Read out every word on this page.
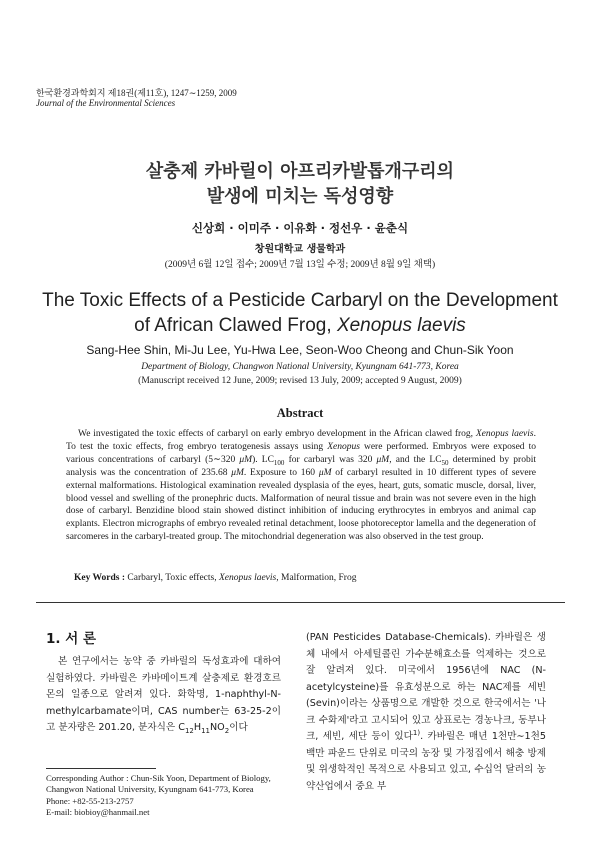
한국환경과학회지 제18권(제11호), 1247∼1259, 2009
Journal of the Environmental Sciences
살충제 카바릴이 아프리카발톱개구리의
발생에 미치는 독성영향
신상희 · 이미주 · 이유화 · 정선우 · 윤춘식
창원대학교 생물학과
(2009년 6월 12일 접수; 2009년 7월 13일 수정; 2009년 8월 9일 채택)
The Toxic Effects of a Pesticide Carbaryl on the Development
of African Clawed Frog, Xenopus laevis
Sang-Hee Shin, Mi-Ju Lee, Yu-Hwa Lee, Seon-Woo Cheong and Chun-Sik Yoon
Department of Biology, Changwon National University, Kyungnam 641-773, Korea
(Manuscript received 12 June, 2009; revised 13 July, 2009; accepted 9 August, 2009)
Abstract
We investigated the toxic effects of carbaryl on early embryo development in the African clawed frog, Xenopus laevis. To test the toxic effects, frog embryo teratogenesis assays using Xenopus were performed. Embryos were exposed to various concentrations of carbaryl (5∼320 μM). $LC_{100}$ for carbaryl was 320 μM, and the $LC_{50}$ determined by probit analysis was the concentration of 235.68 μM. Exposure to 160 μM of carbaryl resulted in 10 different types of severe external malformations. Histological examination revealed dysplasia of the eyes, heart, guts, somatic muscle, dorsal, liver, blood vessel and swelling of the pronephric ducts. Malformation of neural tissue and brain was not severe even in the high dose of carbaryl. Benzidine blood stain showed distinct inhibition of inducing erythrocytes in embryos and animal cap explants. Electron micrographs of embryo revealed retinal detachment, loose photoreceptor lamella and the degeneration of sarcomeres in the carbaryl-treated group. The mitochondrial degeneration was also observed in the test group.
Key Words : Carbaryl, Toxic effects, Xenopus laevis, Malformation, Frog
1. 서 론
본 연구에서는 농약 중 카바릴의 독성효과에 대하여 실험하였다. 카바릴은 카바메이트계 살충제로 환경호르몬의 일종으로 알려져 있다. 화학명, 1-naphthyl-N-methylcarbamate이며, CAS number는 63-25-2이고 분자량은 201.20, 분자식은 $C_{12}H_{11}NO_2$이다
(PAN Pesticides Database-Chemicals). 카바릴은 생체 내에서 아세틸콜린 가수분해효소를 억제하는 것으로 잘 알려져 있다. 미국에서 1956년에 NAC (N-acetylcysteine)를 유효성분으로 하는 NAC제를 세빈(Sevin)이라는 상품명으로 개발한 것으로 한국에서는 '나크 수화제'라고 고시되어 있고 상표로는 경농나크, 동부나크, 세빈, 세단 등이 있다$^{1)}$. 카바릴은 매년 1천만∼1천5백만 파운드 단위로 미국의 농장 및 가정집에서 해충 방제 및 위생학적인 목적으로 사용되고 있고, 수십억 달러의 농약산업에서 중요 부
Corresponding Author : Chun-Sik Yoon, Department of Biology, Changwon National University, Kyungnam 641-773, Korea
Phone: +82-55-213-2757
E-mail: biobioy@hanmail.net
